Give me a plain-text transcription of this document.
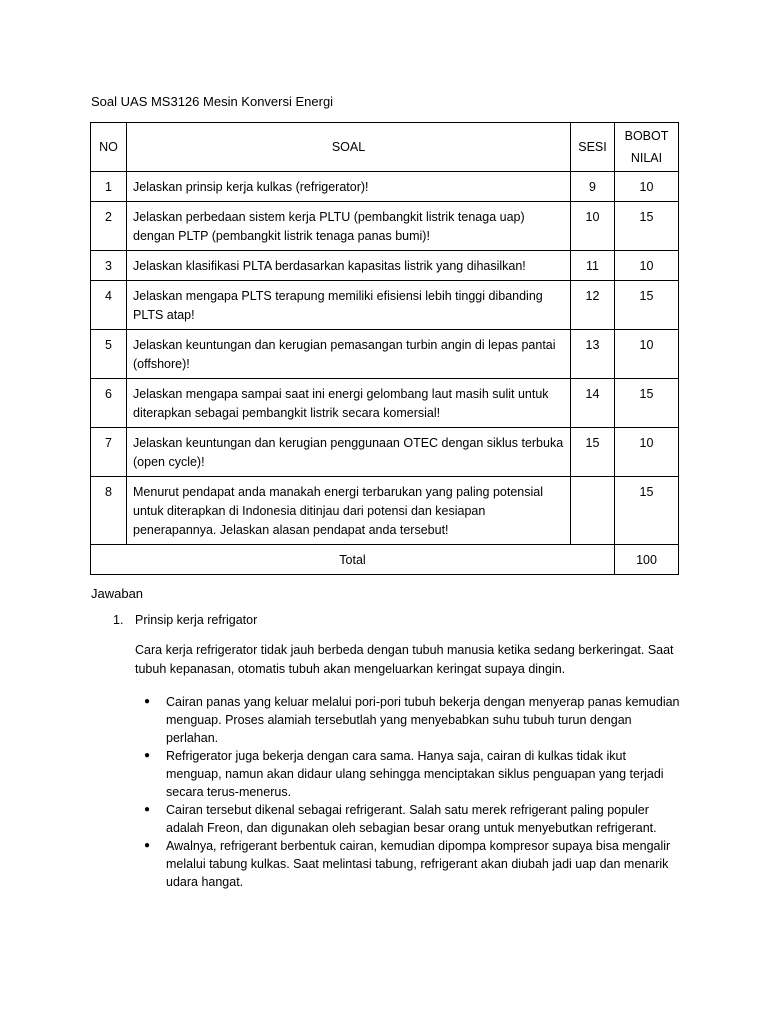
Soal UAS MS3126 Mesin Konversi Energi
NO	SOAL	SESI	BOBOT NILAI
1	Jelaskan prinsip kerja kulkas (refrigerator)!	9	10
2	Jelaskan perbedaan sistem kerja PLTU (pembangkit listrik tenaga uap) dengan PLTP (pembangkit listrik tenaga panas bumi)!	10	15
3	Jelaskan klasifikasi PLTA berdasarkan kapasitas listrik yang dihasilkan!	11	10
4	Jelaskan mengapa PLTS terapung memiliki efisiensi lebih tinggi dibanding PLTS atap!	12	15
5	Jelaskan keuntungan dan kerugian pemasangan turbin angin di lepas pantai (offshore)!	13	10
6	Jelaskan mengapa sampai saat ini energi gelombang laut masih sulit untuk diterapkan sebagai pembangkit listrik secara komersial!	14	15
7	Jelaskan keuntungan dan kerugian penggunaan OTEC dengan siklus terbuka (open cycle)!	15	10
8	Menurut pendapat anda manakah energi terbarukan yang paling potensial untuk diterapkan di Indonesia ditinjau dari potensi dan kesiapan penerapannya. Jelaskan alasan pendapat anda tersebut!		15
Total			100
Jawaban
1. Prinsip kerja refrigator
Cara kerja refrigerator tidak jauh berbeda dengan tubuh manusia ketika sedang berkeringat. Saat tubuh kepanasan, otomatis tubuh akan mengeluarkan keringat supaya dingin.
● Cairan panas yang keluar melalui pori-pori tubuh bekerja dengan menyerap panas kemudian menguap. Proses alamiah tersebutlah yang menyebabkan suhu tubuh turun dengan perlahan.
● Refrigerator juga bekerja dengan cara sama. Hanya saja, cairan di kulkas tidak ikut menguap, namun akan didaur ulang sehingga menciptakan siklus penguapan yang terjadi secara terus-menerus.
● Cairan tersebut dikenal sebagai refrigerant. Salah satu merek refrigerant paling populer adalah Freon, dan digunakan oleh sebagian besar orang untuk menyebutkan refrigerant.
● Awalnya, refrigerant berbentuk cairan, kemudian dipompa kompresor supaya bisa mengalir melalui tabung kulkas. Saat melintasi tabung, refrigerant akan diubah jadi uap dan menarik udara hangat.
